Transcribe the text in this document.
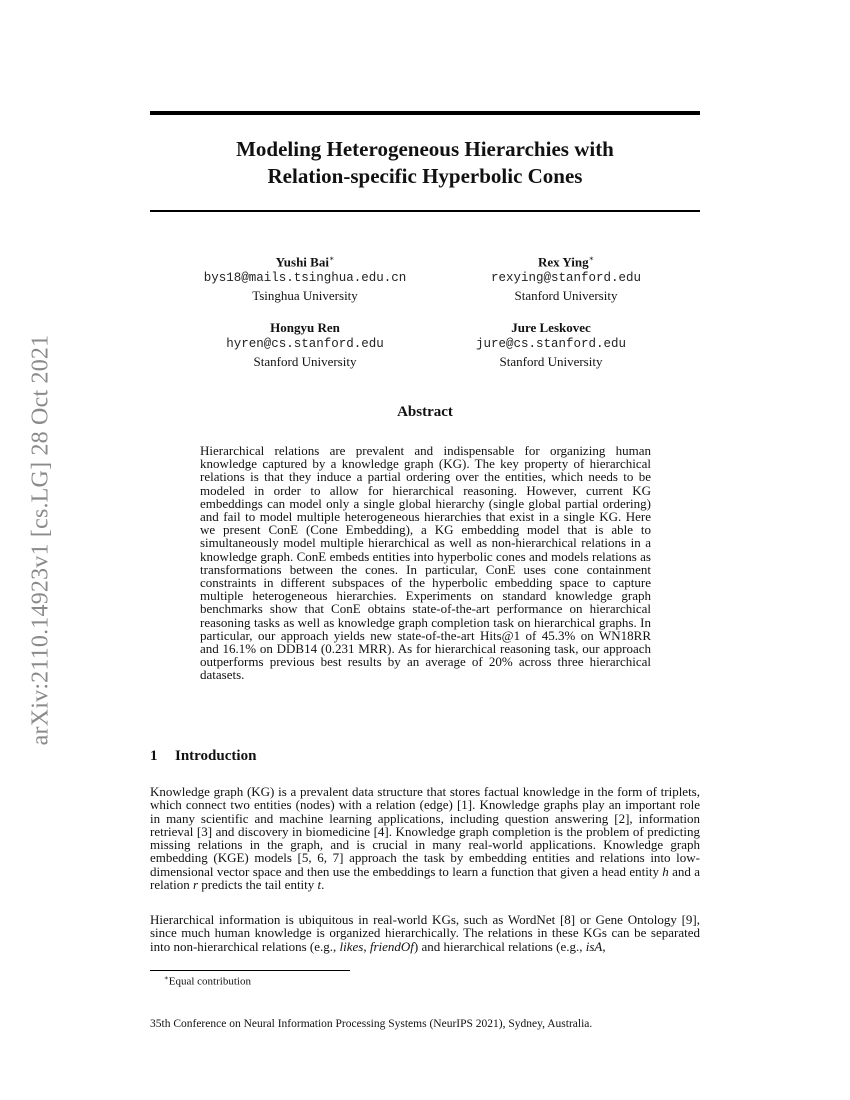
arXiv:2110.14923v1 [cs.LG] 28 Oct 2021
Modeling Heterogeneous Hierarchies with
Relation-specific Hyperbolic Cones
Yushi Bai∗
bys18@mails.tsinghua.edu.cn
Tsinghua University
Rex Ying∗
rexying@stanford.edu
Stanford University
Hongyu Ren
hyren@cs.stanford.edu
Stanford University
Jure Leskovec
jure@cs.stanford.edu
Stanford University
Abstract
Hierarchical relations are prevalent and indispensable for organizing human knowledge captured by a knowledge graph (KG). The key property of hierarchical relations is that they induce a partial ordering over the entities, which needs to be modeled in order to allow for hierarchical reasoning. However, current KG embeddings can model only a single global hierarchy (single global partial ordering) and fail to model multiple heterogeneous hierarchies that exist in a single KG. Here we present ConE (Cone Embedding), a KG embedding model that is able to simultaneously model multiple hierarchical as well as non-hierarchical relations in a knowledge graph. ConE embeds entities into hyperbolic cones and models relations as transformations between the cones. In particular, ConE uses cone containment constraints in different subspaces of the hyperbolic embedding space to capture multiple heterogeneous hierarchies. Experiments on standard knowledge graph benchmarks show that ConE obtains state-of-the-art performance on hierarchical reasoning tasks as well as knowledge graph completion task on hierarchical graphs. In particular, our approach yields new state-of-the-art Hits@1 of 45.3% on WN18RR and 16.1% on DDB14 (0.231 MRR). As for hierarchical reasoning task, our approach outperforms previous best results by an average of 20% across three hierarchical datasets.
1 Introduction
Knowledge graph (KG) is a prevalent data structure that stores factual knowledge in the form of triplets, which connect two entities (nodes) with a relation (edge) [1]. Knowledge graphs play an important role in many scientific and machine learning applications, including question answering [2], information retrieval [3] and discovery in biomedicine [4]. Knowledge graph completion is the problem of predicting missing relations in the graph, and is crucial in many real-world applications. Knowledge graph embedding (KGE) models [5, 6, 7] approach the task by embedding entities and relations into low-dimensional vector space and then use the embeddings to learn a function that given a head entity h and a relation r predicts the tail entity t.
Hierarchical information is ubiquitous in real-world KGs, such as WordNet [8] or Gene Ontology [9], since much human knowledge is organized hierarchically. The relations in these KGs can be separated into non-hierarchical relations (e.g., likes, friendOf) and hierarchical relations (e.g., isA,
∗Equal contribution
35th Conference on Neural Information Processing Systems (NeurIPS 2021), Sydney, Australia.
